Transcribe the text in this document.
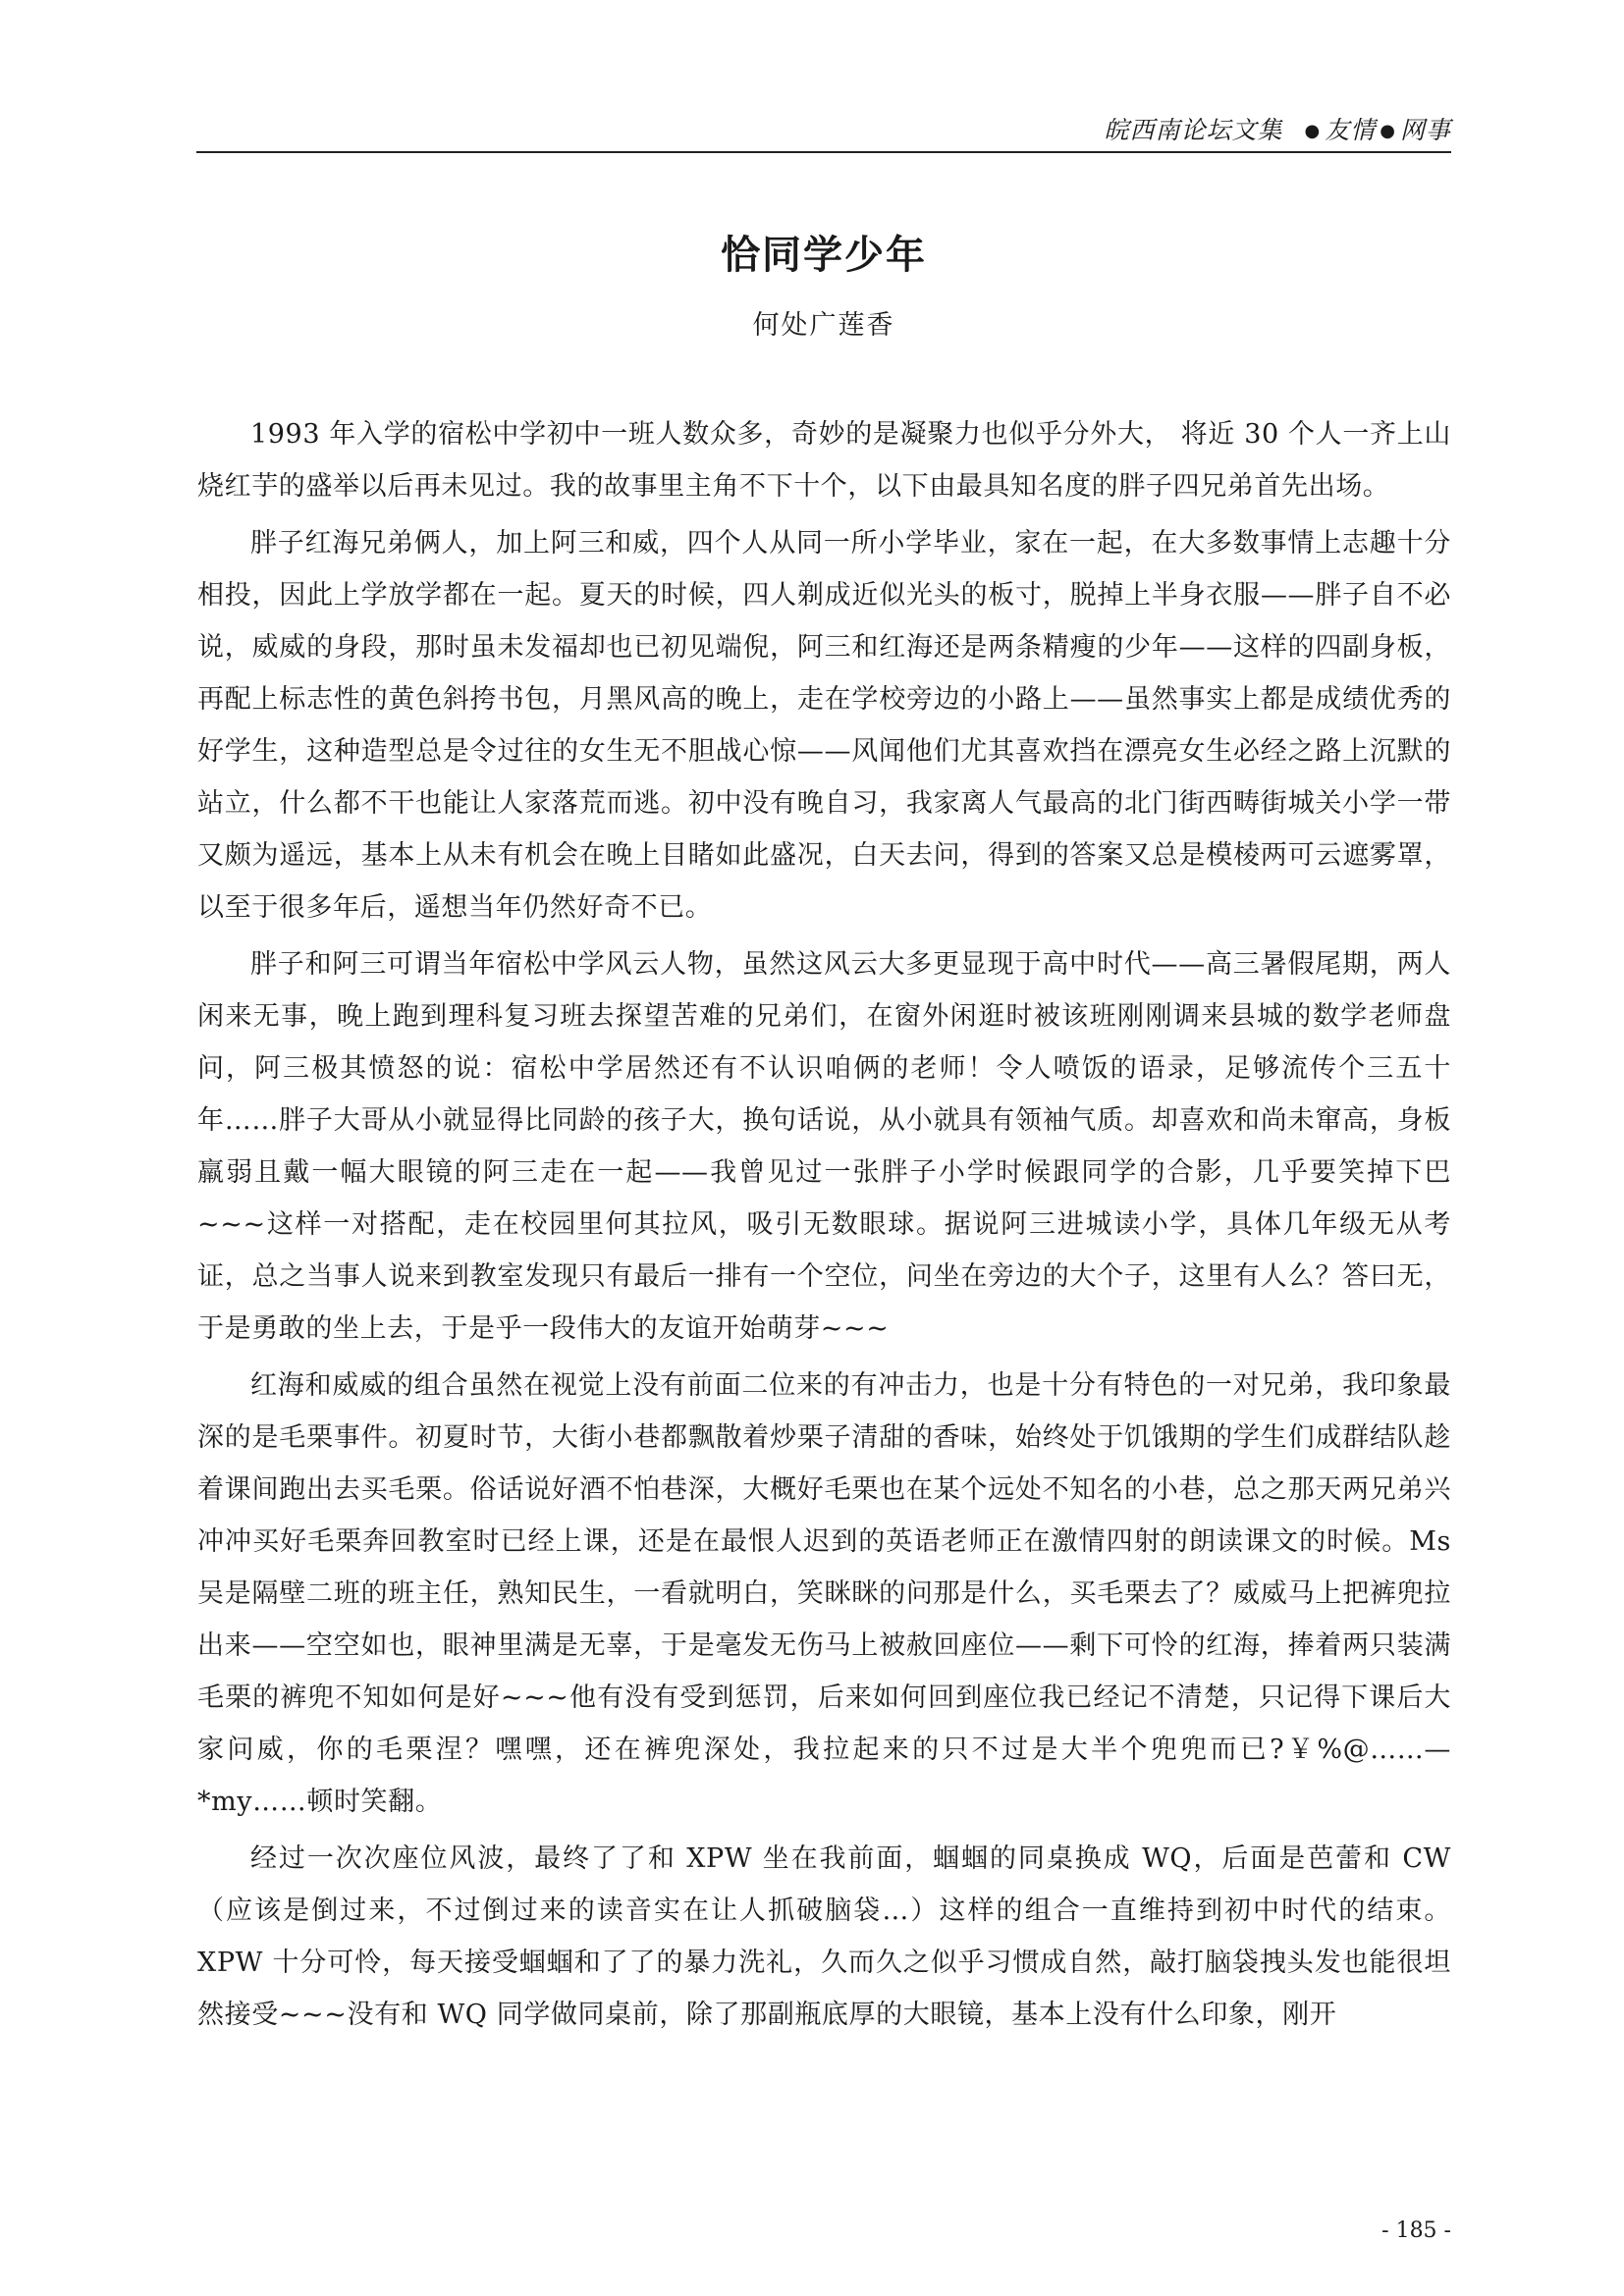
皖西南论坛文集 ● 友情 ● 网事
恰同学少年
何处广莲香

1993 年入学的宿松中学初中一班人数众多，奇妙的是凝聚力也似乎分外大， 将近 30 个人一齐上山烧红芋的盛举以后再未见过。我的故事里主角不下十个，以下由最具知名度的胖子四兄弟首先出场。

胖子红海兄弟俩人，加上阿三和威，四个人从同一所小学毕业，家在一起，在大多数事情上志趣十分相投，因此上学放学都在一起。夏天的时候，四人剃成近似光头的板寸，脱掉上半身衣服——胖子自不必说，威威的身段，那时虽未发福却也已初见端倪，阿三和红海还是两条精瘦的少年——这样的四副身板，再配上标志性的黄色斜挎书包，月黑风高的晚上，走在学校旁边的小路上——虽然事实上都是成绩优秀的好学生，这种造型总是令过往的女生无不胆战心惊——风闻他们尤其喜欢挡在漂亮女生必经之路上沉默的站立，什么都不干也能让人家落荒而逃。初中没有晚自习，我家离人气最高的北门街西畴街城关小学一带又颇为遥远，基本上从未有机会在晚上目睹如此盛况，白天去问，得到的答案又总是模棱两可云遮雾罩，以至于很多年后，遥想当年仍然好奇不已。

胖子和阿三可谓当年宿松中学风云人物，虽然这风云大多更显现于高中时代——高三暑假尾期，两人闲来无事，晚上跑到理科复习班去探望苦难的兄弟们，在窗外闲逛时被该班刚刚调来县城的数学老师盘问，阿三极其愤怒的说：宿松中学居然还有不认识咱俩的老师！令人喷饭的语录，足够流传个三五十年……胖子大哥从小就显得比同龄的孩子大，换句话说，从小就具有领袖气质。却喜欢和尚未窜高，身板羸弱且戴一幅大眼镜的阿三走在一起——我曾见过一张胖子小学时候跟同学的合影，几乎要笑掉下巴~~~这样一对搭配，走在校园里何其拉风，吸引无数眼球。据说阿三进城读小学，具体几年级无从考证，总之当事人说来到教室发现只有最后一排有一个空位，问坐在旁边的大个子，这里有人么？答曰无，于是勇敢的坐上去，于是乎一段伟大的友谊开始萌芽~~~

红海和威威的组合虽然在视觉上没有前面二位来的有冲击力，也是十分有特色的一对兄弟，我印象最深的是毛栗事件。初夏时节，大街小巷都飘散着炒栗子清甜的香味，始终处于饥饿期的学生们成群结队趁着课间跑出去买毛栗。俗话说好酒不怕巷深，大概好毛栗也在某个远处不知名的小巷，总之那天两兄弟兴冲冲买好毛栗奔回教室时已经上课，还是在最恨人迟到的英语老师正在激情四射的朗读课文的时候。Ms 吴是隔壁二班的班主任，熟知民生，一看就明白，笑眯眯的问那是什么，买毛栗去了？威威马上把裤兜拉出来——空空如也，眼神里满是无辜，于是毫发无伤马上被赦回座位——剩下可怜的红海，捧着两只装满毛栗的裤兜不知如何是好~~~他有没有受到惩罚，后来如何回到座位我已经记不清楚，只记得下课后大家问威，你的毛栗涅？嘿嘿，还在裤兜深处，我拉起来的只不过是大半个兜兜而已?￥%@……—*my……顿时笑翻。

经过一次次座位风波，最终了了和 XPW 坐在我前面，蝈蝈的同桌换成 WQ，后面是芭蕾和 CW（应该是倒过来，不过倒过来的读音实在让人抓破脑袋…）这样的组合一直维持到初中时代的结束。XPW 十分可怜，每天接受蝈蝈和了了的暴力洗礼，久而久之似乎习惯成自然，敲打脑袋拽头发也能很坦然接受~~~没有和 WQ 同学做同桌前，除了那副瓶底厚的大眼镜，基本上没有什么印象，刚开

- 185 -
